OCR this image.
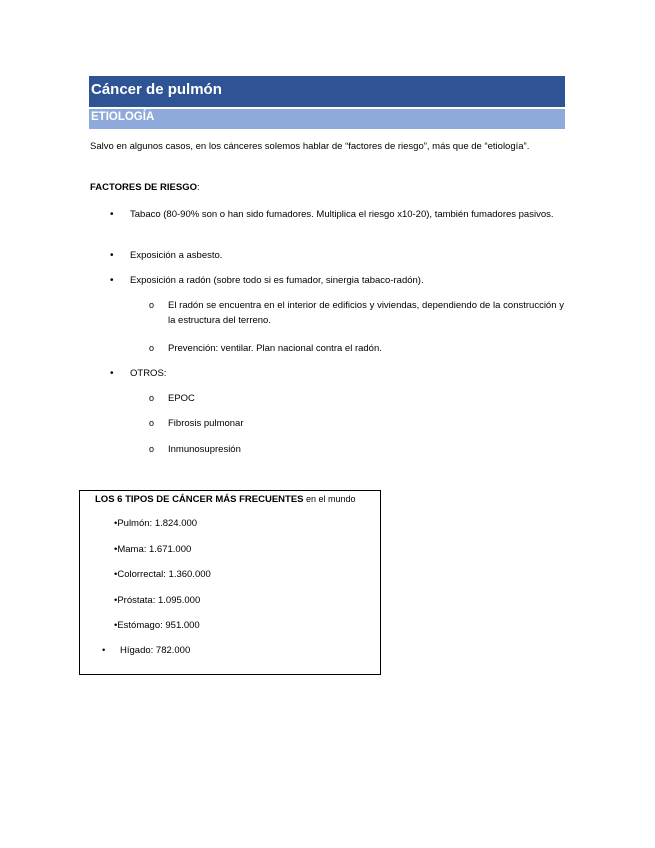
Cáncer de pulmón
ETIOLOGÍA
Salvo en algunos casos, en los cánceres solemos hablar de “factores de riesgo”, más que de “etiología”.
FACTORES DE RIESGO:
• Tabaco (80-90% son o han sido fumadores. Multiplica el riesgo x10-20), también fumadores pasivos.
• Exposición a asbesto.
• Exposición a radón (sobre todo si es fumador, sinergia tabaco-radón).
o El radón se encuentra en el interior de edificios y viviendas, dependiendo de la construcción y la estructura del terreno.
o Prevención: ventilar. Plan nacional contra el radón.
• OTROS:
o EPOC
o Fibrosis pulmonar
o Inmunosupresión
LOS 6 TIPOS DE CÁNCER MÁS FRECUENTES en el mundo
•Pulmón: 1.824.000
•Mama: 1.671.000
•Colorrectal: 1.360.000
•Próstata: 1.095.000
•Estómago: 951.000
• Hígado: 782.000
